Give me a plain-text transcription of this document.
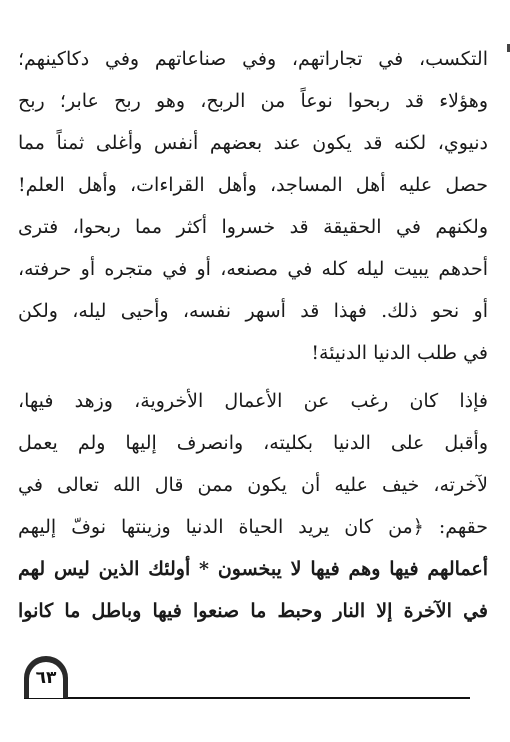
التكسب، في تجاراتهم، وفي صناعاتهم وفي دكاكينهم؛
وهؤلاء قد ربحوا نوعاً من الربح، وهو ربح عابر؛ ربح
دنيوي، لكنه قد يكون عند بعضهم أنفس وأغلى ثمناً مما
حصل عليه أهل المساجد، وأهل القراءات، وأهل العلم!
ولكنهم في الحقيقة قد خسروا أكثر مما ربحوا، فترى
أحدهم يبيت ليله كله في مصنعه، أو في متجره أو حرفته،
أو نحو ذلك. فهذا قد أسهر نفسه، وأحيى ليله، ولكن
في طلب الدنيا الدنيئة!
فإذا كان رغب عن الأعمال الأخروية، وزهد فيها،
وأقبل على الدنيا بكليته، وانصرف إليها ولم يعمل
لآخرته، خيف عليه أن يكون ممن قال الله تعالى في
حقهم: ﴿من كان يريد الحياة الدنيا وزينتها نوفّ إليهم
أعمالهم فيها وهم فيها لا يبخسون * أولئك الذين ليس لهم
في الآخرة إلا النار وحبط ما صنعوا فيها وباطل ما كانوا
٦٣
